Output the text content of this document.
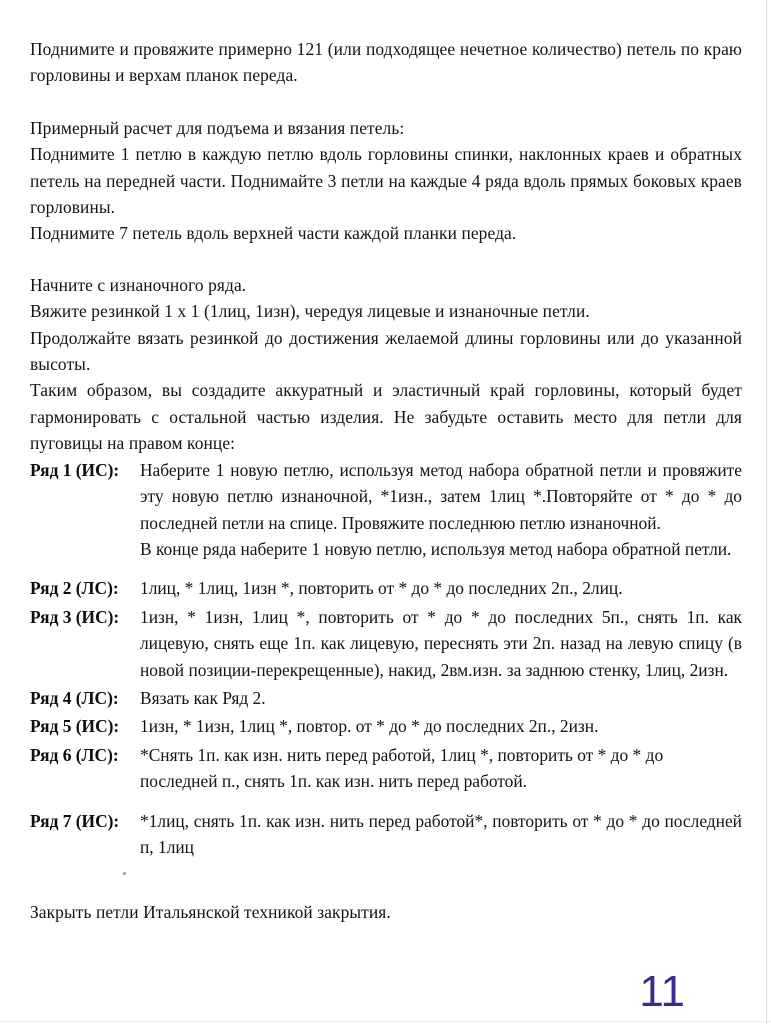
Поднимите и провяжите примерно 121 (или подходящее нечетное количество) петель по краю горловины и верхам планок переда.

Примерный расчет для подъема и вязания петель:

Поднимите 1 петлю в каждую петлю вдоль горловины спинки, наклонных краев и обратных петель на передней части. Поднимайте 3 петли на каждые 4 ряда вдоль прямых боковых краев горловины.

Поднимите 7 петель вдоль верхней части каждой планки переда.

Начните с изнаночного ряда.

Вяжите резинкой 1 х 1 (1лиц, 1изн), чередуя лицевые и изнаночные петли.

Продолжайте вязать резинкой до достижения желаемой длины горловины или до указанной высоты.

Таким образом, вы создадите аккуратный и эластичный край горловины, который будет гармонировать с остальной частью изделия. Не забудьте оставить место для петли для пуговицы на правом конце:

Ряд 1 (ИС):	Наберите 1 новую петлю, используя метод набора обратной петли и провяжите эту новую петлю изнаночной, *1изн., затем 1лиц *.Повторяйте от * до * до последней петли на спице. Провяжите последнюю петлю изнаночной.
В конце ряда наберите 1 новую петлю, используя метод набора обратной петли.
Ряд 2 (ЛС):	1лиц, * 1лиц, 1изн *, повторить от * до * до последних 2п., 2лиц.
Ряд 3 (ИС):	1изн, * 1изн, 1лиц *, повторить от * до * до последних 5п., снять 1п. как лицевую, снять еще 1п. как лицевую, переснять эти 2п. назад на левую спицу (в новой позиции-перекрещенные), накид, 2вм.изн. за заднюю стенку, 1лиц, 2изн.
Ряд 4 (ЛС):	Вязать как Ряд 2.
Ряд 5 (ИС):	1изн, * 1изн, 1лиц *, повтор. от * до * до последних 2п., 2изн.
Ряд 6 (ЛС):	*Снять 1п. как изн. нить перед работой, 1лиц *, повторить от * до * до последней п., снять 1п. как изн. нить перед работой.
Ряд 7 (ИС):	*1лиц, снять 1п. как изн. нить перед работой*, повторить от * до * до последней п, 1лиц

Закрыть петли Итальянской техникой закрытия.

11
